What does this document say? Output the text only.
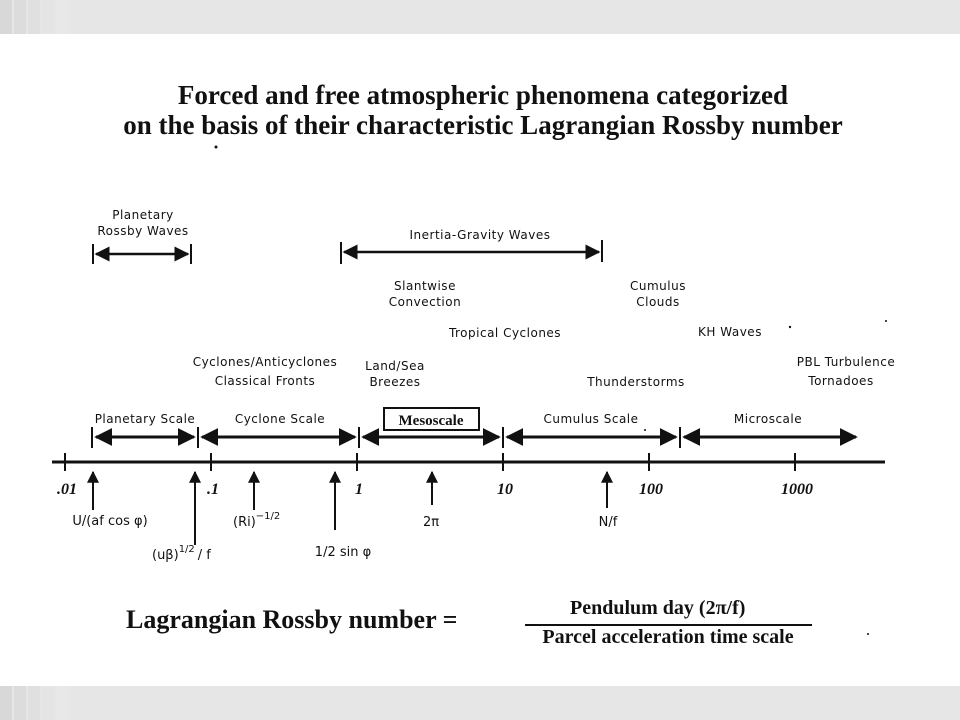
Forced and free atmospheric phenomena categorized
on the basis of their characteristic Lagrangian Rossby number
Planetary
Rossby Waves	Inertia-Gravity Waves
Slantwise
Convection
Cumulus
Clouds
Tropical Cyclones	KH Waves
Cyclones/Anticyclones
Classical Fronts
Land/Sea
Breezes	Thunderstorms
PBL Turbulence
Tornadoes
Planetary Scale	Cyclone Scale	Mesoscale	Cumulus Scale	Microscale
.01	.1	1	10	100	1000
U/(af cos φ)
$(u\beta)^{1/2}$ / f
$(Ri)^{-1/2}$
1/2 sin φ
2π	N/f
Lagrangian Rossby number =	Pendulum day (2π/f)
Parcel acceleration time scale
